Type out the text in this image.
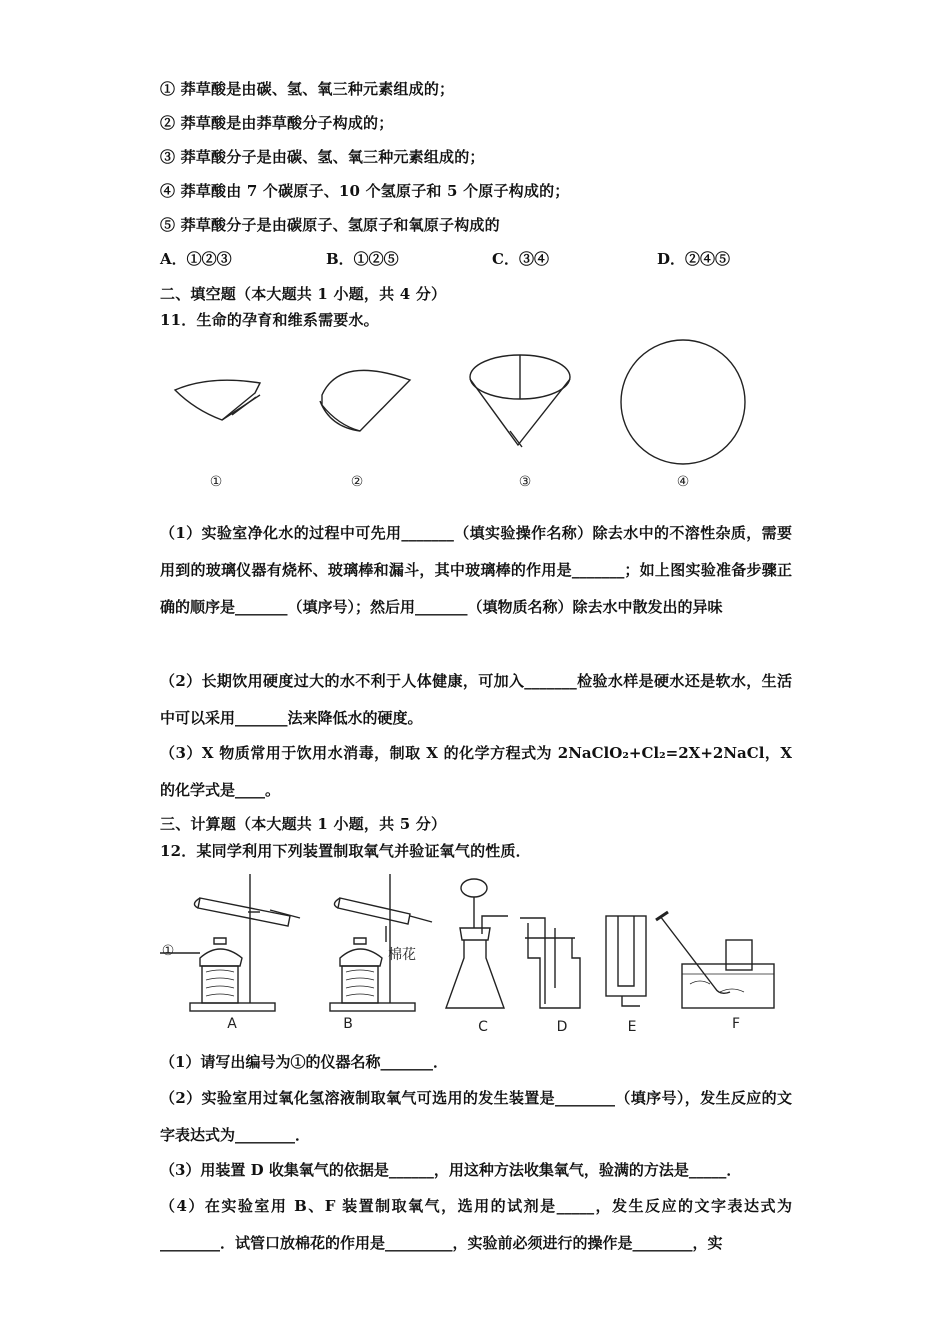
① 莽草酸是由碳、氢、氧三种元素组成的；
② 莽草酸是由莽草酸分子构成的；
③ 莽草酸分子是由碳、氢、氧三种元素组成的；
④ 莽草酸由 7 个碳原子、10 个氢原子和 5 个原子构成的；
⑤ 莽草酸分子是由碳原子、氢原子和氧原子构成的
A．①②③	B．①②⑤	C．③④	D．②④⑤
二、填空题（本大题共 1 小题，共 4 分）
11．生命的孕育和维系需要水。
①	②	③	④
（1）实验室净化水的过程中可先用_______（填实验操作名称）除去水中的不溶性杂质，需要用到的玻璃仪器有烧杯、玻璃棒和漏斗，其中玻璃棒的作用是_______；如上图实验准备步骤正确的顺序是_______（填序号）；然后用_______（填物质名称）除去水中散发出的异味
（2）长期饮用硬度过大的水不利于人体健康，可加入_______检验水样是硬水还是软水，生活中可以采用_______法来降低水的硬度。
（3）X 物质常用于饮用水消毒，制取 X 的化学方程式为 2NaClO₂+Cl₂=2X+2NaCl，X 的化学式是____。
三、计算题（本大题共 1 小题，共 5 分）
12．某同学利用下列装置制取氧气并验证氧气的性质．
①	棉花
A	B	C	D	E	F
（1）请写出编号为①的仪器名称_______．
（2）实验室用过氧化氢溶液制取氧气可选用的发生装置是________（填序号），发生反应的文字表达式为________．
（3）用装置 D 收集氧气的依据是______，用这种方法收集氧气，验满的方法是_____．
（4）在实验室用 B、F 装置制取氧气，选用的试剂是_____，发生反应的文字表达式为________．试管口放棉花的作用是_________，实验前必须进行的操作是________，实
